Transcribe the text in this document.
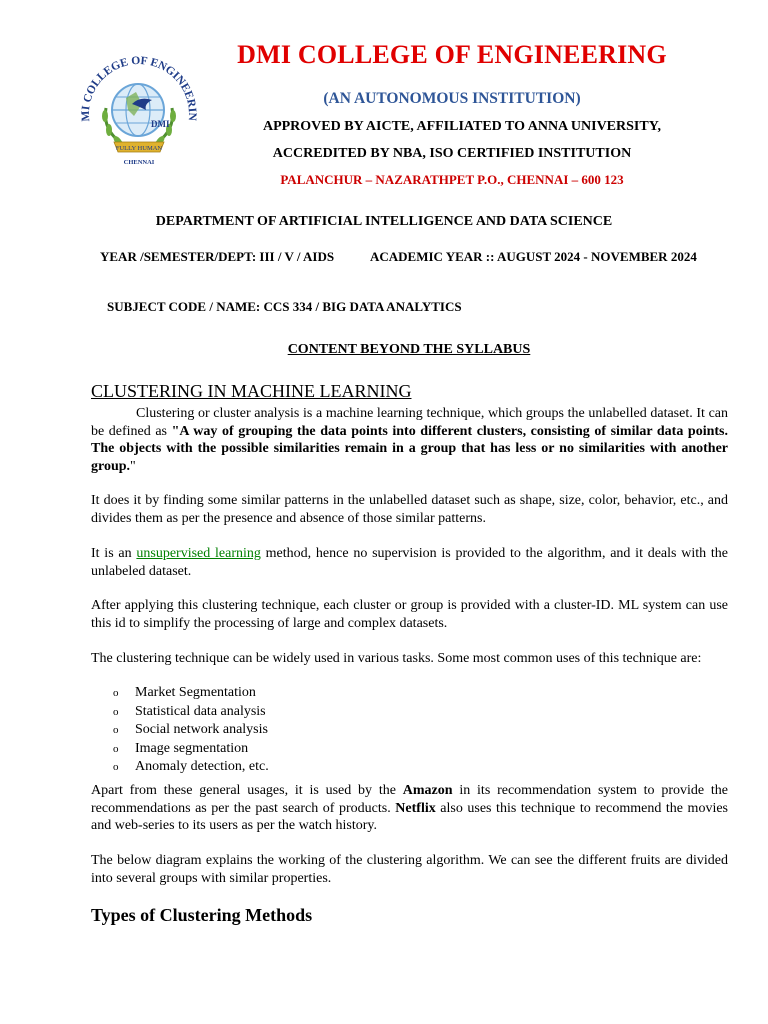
MI COLLEGE OF ENGINEERIN
DMI
FULLY HUMAN
CHENNAI
DMI COLLEGE OF ENGINEERING
(AN AUTONOMOUS INSTITUTION)
APPROVED BY AICTE, AFFILIATED TO ANNA UNIVERSITY,
ACCREDITED BY NBA, ISO CERTIFIED INSTITUTION
PALANCHUR – NAZARATHPET P.O., CHENNAI – 600 123
DEPARTMENT OF ARTIFICIAL INTELLIGENCE AND DATA SCIENCE
YEAR /SEMESTER/DEPT: III / V / AIDS	ACADEMIC YEAR :: AUGUST 2024 - NOVEMBER 2024
SUBJECT CODE / NAME: CCS 334 / BIG DATA ANALYTICS
CONTENT BEYOND THE SYLLABUS
CLUSTERING IN MACHINE LEARNING

Clustering or cluster analysis is a machine learning technique, which groups the unlabelled dataset. It can be defined as "A way of grouping the data points into different clusters, consisting of similar data points. The objects with the possible similarities remain in a group that has less or no similarities with another group."

It does it by finding some similar patterns in the unlabelled dataset such as shape, size, color, behavior, etc., and divides them as per the presence and absence of those similar patterns.

It is an unsupervised learning method, hence no supervision is provided to the algorithm, and it deals with the unlabeled dataset.

After applying this clustering technique, each cluster or group is provided with a cluster-ID. ML system can use this id to simplify the processing of large and complex datasets.

The clustering technique can be widely used in various tasks. Some most common uses of this technique are:

o Market Segmentation
o Statistical data analysis
o Social network analysis
o Image segmentation
o Anomaly detection, etc.

Apart from these general usages, it is used by the Amazon in its recommendation system to provide the recommendations as per the past search of products. Netflix also uses this technique to recommend the movies and web-series to its users as per the watch history.

The below diagram explains the working of the clustering algorithm. We can see the different fruits are divided into several groups with similar properties.

Types of Clustering Methods
